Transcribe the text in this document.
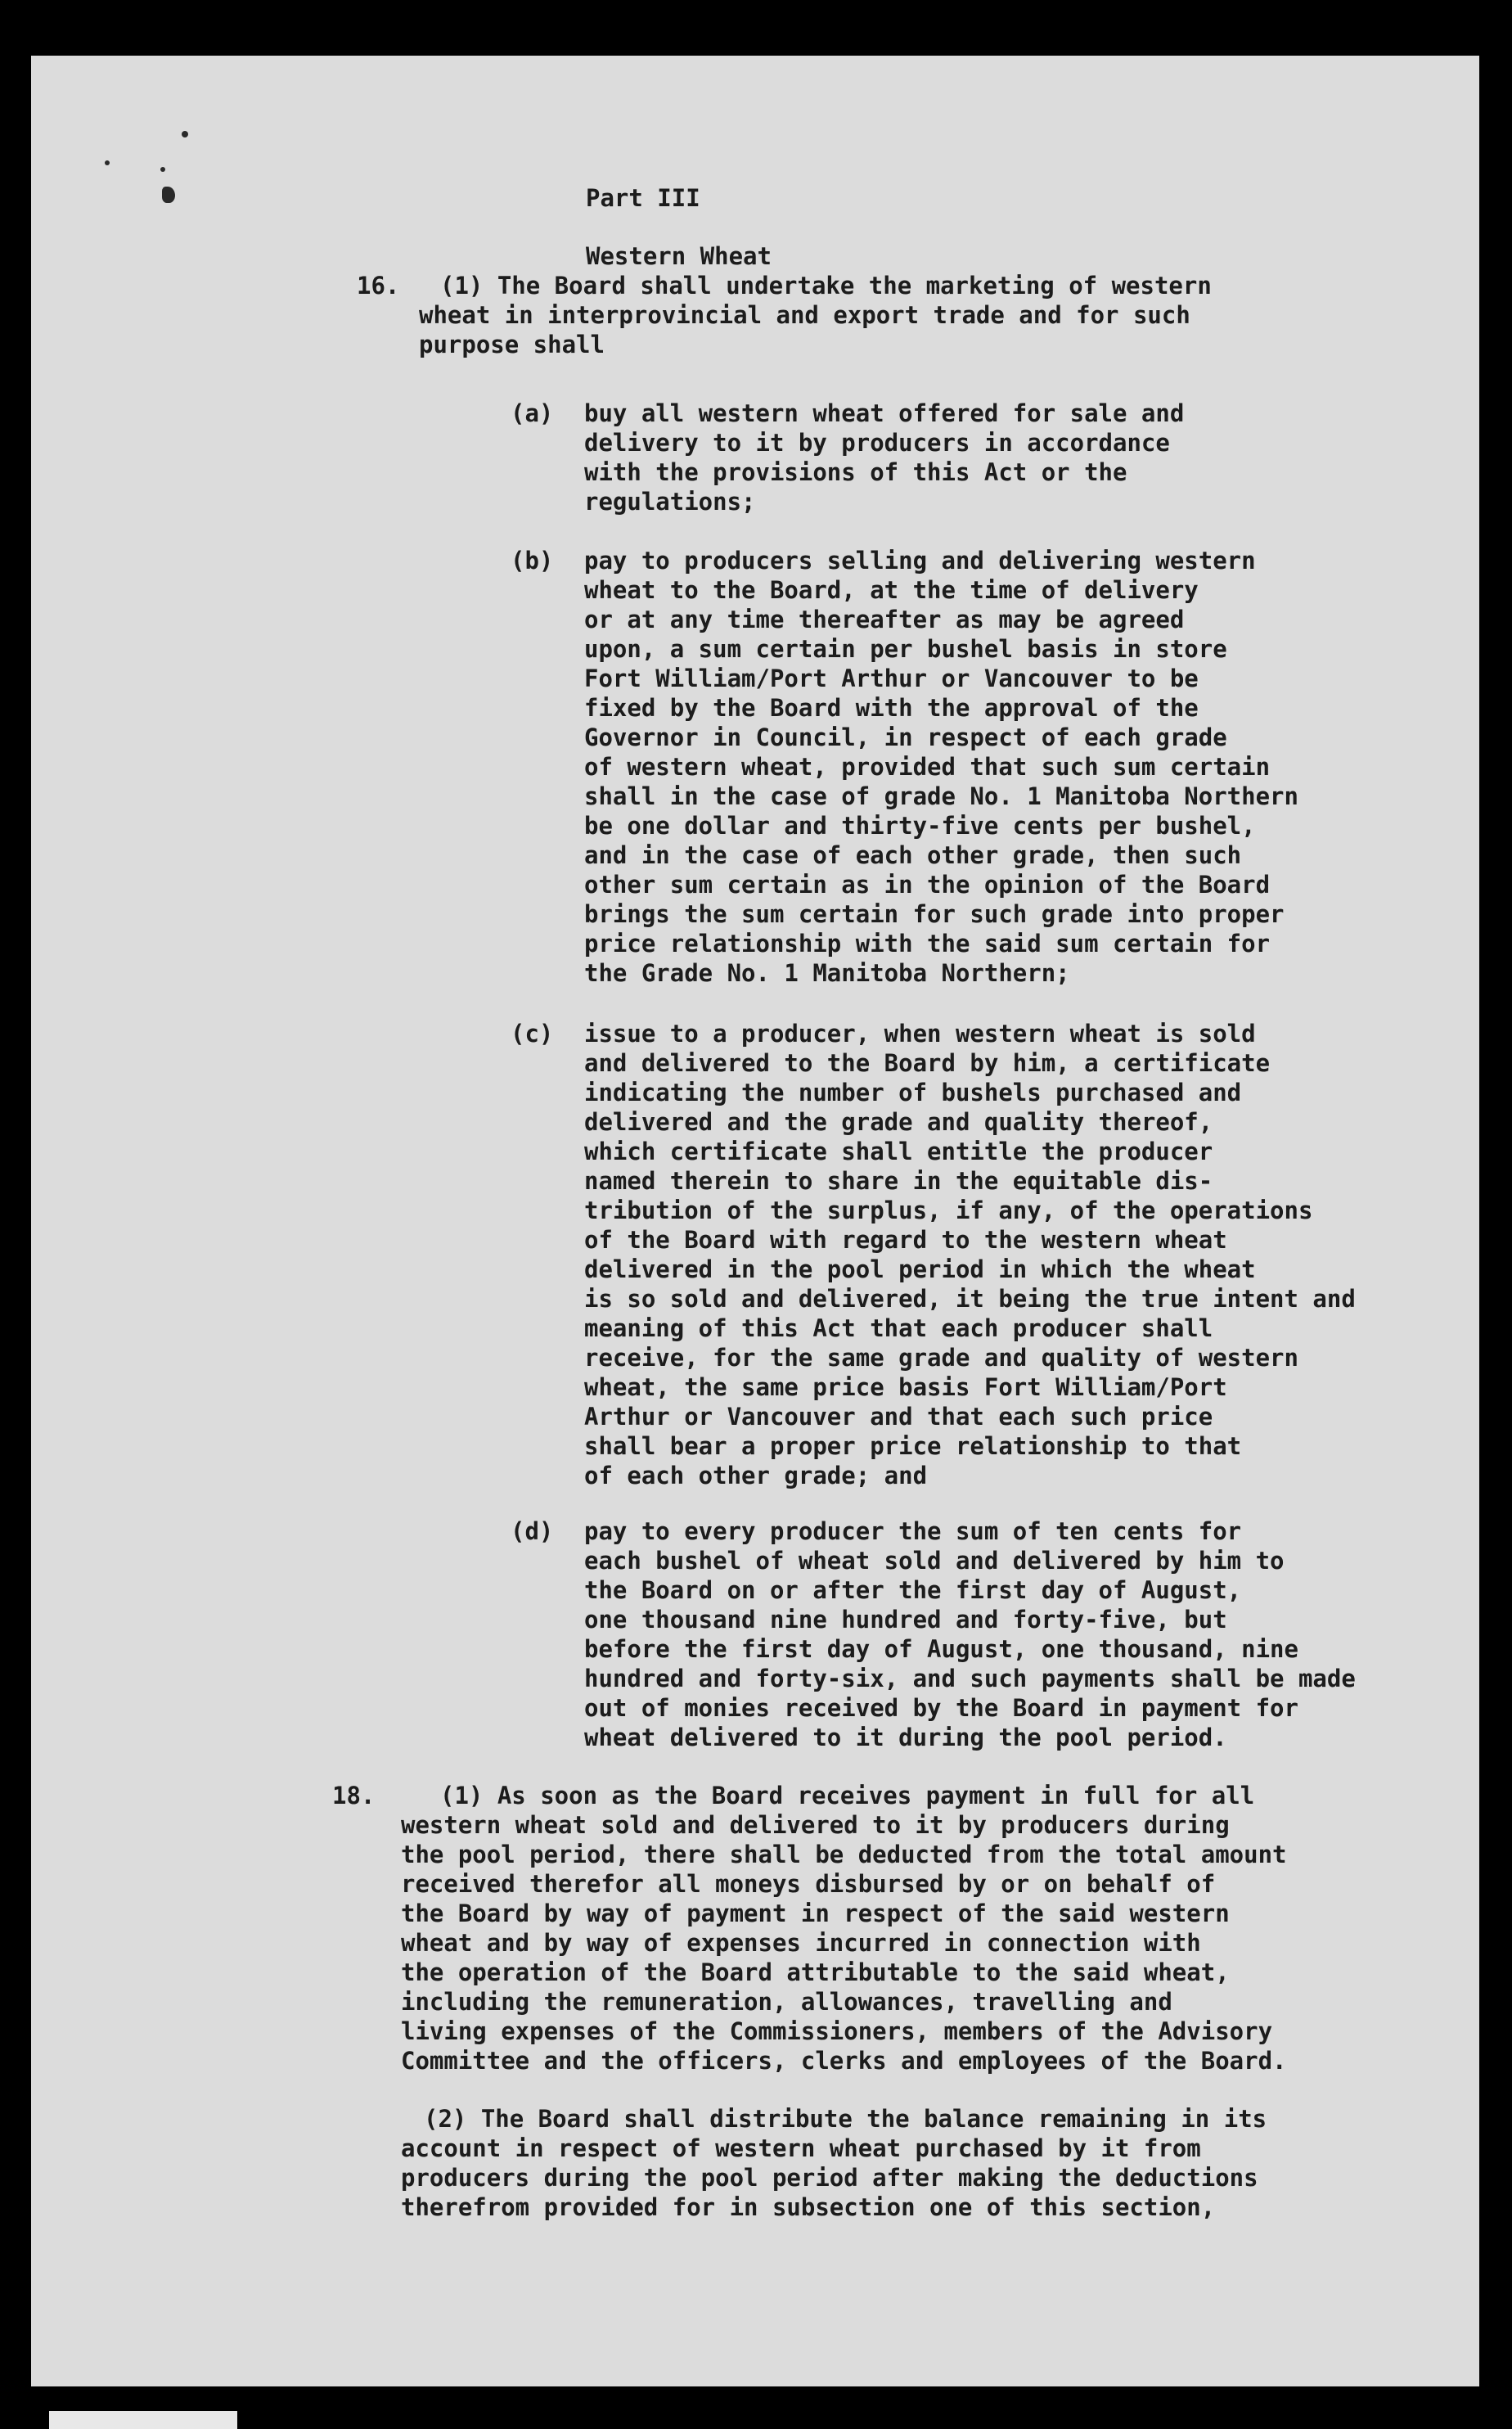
Part III

Western Wheat

16. (1) The Board shall undertake the marketing of western

wheat in interprovincial and export trade and for such

purpose shall

(a) buy all western wheat offered for sale and

delivery to it by producers in accordance

with the provisions of this Act or the

regulations;

(b) pay to producers selling and delivering western

wheat to the Board, at the time of delivery

or at any time thereafter as may be agreed

upon, a sum certain per bushel basis in store

Fort William/Port Arthur or Vancouver to be

fixed by the Board with the approval of the

Governor in Council, in respect of each grade

of western wheat, provided that such sum certain

shall in the case of grade No. 1 Manitoba Northern

be one dollar and thirty-five cents per bushel,

and in the case of each other grade, then such

other sum certain as in the opinion of the Board

brings the sum certain for such grade into proper

price relationship with the said sum certain for

the Grade No. 1 Manitoba Northern;

(c) issue to a producer, when western wheat is sold

and delivered to the Board by him, a certificate

indicating the number of bushels purchased and

delivered and the grade and quality thereof,

which certificate shall entitle the producer

named therein to share in the equitable dis-

tribution of the surplus, if any, of the operations

of the Board with regard to the western wheat

delivered in the pool period in which the wheat

is so sold and delivered, it being the true intent and

meaning of this Act that each producer shall

receive, for the same grade and quality of western

wheat, the same price basis Fort William/Port

Arthur or Vancouver and that each such price

shall bear a proper price relationship to that

of each other grade; and

(d) pay to every producer the sum of ten cents for

each bushel of wheat sold and delivered by him to

the Board on or after the first day of August,

one thousand nine hundred and forty-five, but

before the first day of August, one thousand, nine

hundred and forty-six, and such payments shall be made

out of monies received by the Board in payment for

wheat delivered to it during the pool period.

18.	(1) As soon as the Board receives payment in full for all

western wheat sold and delivered to it by producers during

the pool period, there shall be deducted from the total amount

received therefor all moneys disbursed by or on behalf of

the Board by way of payment in respect of the said western

wheat and by way of expenses incurred in connection with

the operation of the Board attributable to the said wheat,

including the remuneration, allowances, travelling and

living expenses of the Commissioners, members of the Advisory

Committee and the officers, clerks and employees of the Board.

(2) The Board shall distribute the balance remaining in its

account in respect of western wheat purchased by it from

producers during the pool period after making the deductions

therefrom provided for in subsection one of this section,
